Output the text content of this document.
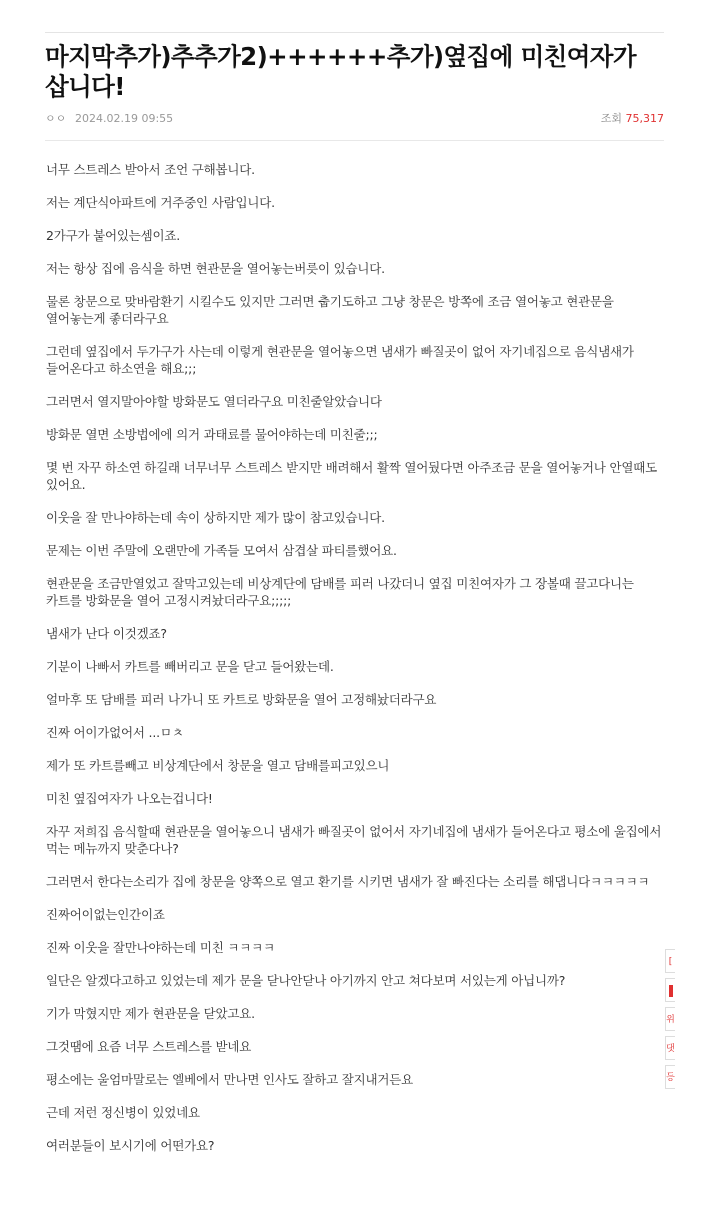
마지막추가)추추가2)++++++추가)옆집에 미친여자가 삽니다!
ㅇㅇ 2024.02.19 09:55	조회 75,317

너무 스트레스 받아서 조언 구해봅니다.

저는 계단식아파트에 거주중인 사람입니다.

2가구가 붙어있는셈이죠.

저는 항상 집에 음식을 하면 현관문을 열어놓는버릇이 있습니다.

물론 창문으로 맞바람환기 시킬수도 있지만 그러면 춥기도하고 그냥 창문은 방쪽에 조금 열어놓고 현관문을 열어놓는게 좋더라구요

그런데 옆집에서 두가구가 사는데 이렇게 현관문을 열어놓으면 냄새가 빠질곳이 없어 자기네집으로 음식냄새가 들어온다고 하소연을 해요;;;

그러면서 열지말아야할 방화문도 열더라구요 미친줄알았습니다

방화문 열면 소방법에에 의거 과태료를 물어야하는데 미친줄;;;

몇 번 자꾸 하소연 하길래 너무너무 스트레스 받지만 배려해서 활짝 열어뒀다면 아주조금 문을 열어놓거나 안열때도 있어요.

이웃을 잘 만나야하는데 속이 상하지만 제가 많이 참고있습니다.

문제는 이번 주말에 오랜만에 가족들 모여서 삼겹살 파티를했어요.

현관문을 조금만열었고 잘막고있는데 비상계단에 담배를 피러 나갔더니 옆집 미친여자가 그 장볼때 끌고다니는 카트를 방화문을 열어 고정시켜놨더라구요;;;;;

냄새가 난다 이것겠죠?

기분이 나빠서 카트를 빼버리고 문을 닫고 들어왔는데.

얼마후 또 담배를 피러 나가니 또 카트로 방화문을 열어 고정해놨더라구요

진짜 어이가없어서 ...ㅁㅊ

제가 또 카트를빼고 비상계단에서 창문을 열고 담배를피고있으니

미친 옆집여자가 나오는겁니다!

자꾸 저희집 음식할때 현관문을 열어놓으니 냄새가 빠질곳이 없어서 자기네집에 냄새가 들어온다고 평소에 울집에서 먹는 메뉴까지 맞춘다나?

그러면서 한다는소리가 집에 창문을 양쪽으로 열고 환기를 시키면 냄새가 잘 빠진다는 소리를 해댑니다ㅋㅋㅋㅋㅋ

진짜어이없는인간이죠

진짜 이웃을 잘만나야하는데 미친 ㅋㅋㅋㅋ

일단은 알겠다고하고 있었는데 제가 문을 닫나안닫나 아기까지 안고 쳐다보며 서있는게 아닙니까?

기가 막혔지만 제가 현관문을 닫았고요.

그것땜에 요즘 너무 스트레스를 받네요

평소에는 울엄마말로는 엘베에서 만나면 인사도 잘하고 잘지내거든요

근데 저런 정신병이 있었네요

여러분들이 보시기에 어떤가요?

[
위
댓
등
